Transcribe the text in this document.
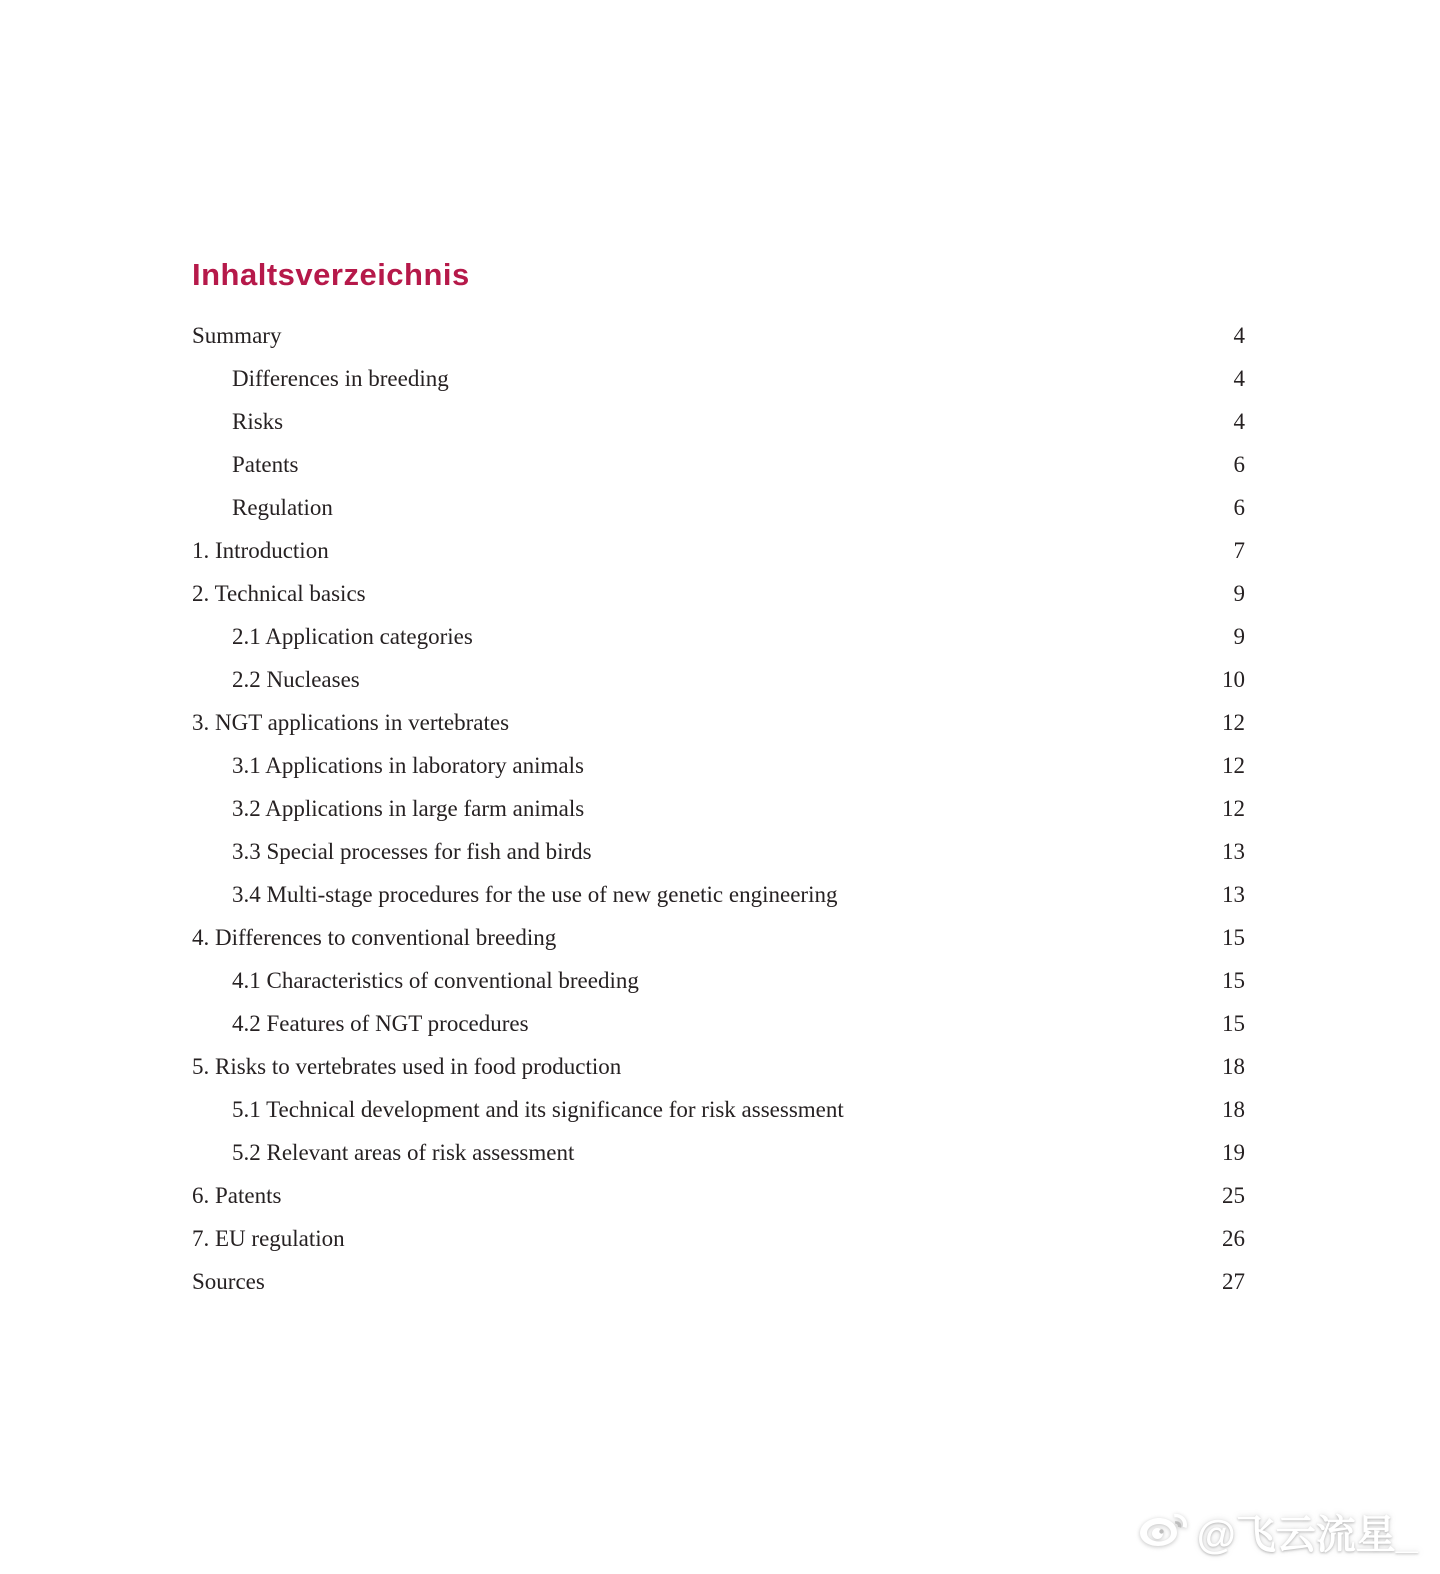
Inhaltsverzeichnis
Summary	4
Differences in breeding	4
Risks	4
Patents	6
Regulation	6
1. Introduction	7
2. Technical basics	9
2.1 Application categories	9
2.2 Nucleases	10
3. NGT applications in vertebrates	12
3.1 Applications in laboratory animals	12
3.2 Applications in large farm animals	12
3.3 Special processes for fish and birds	13
3.4 Multi-stage procedures for the use of new genetic engineering	13
4. Differences to conventional breeding	15
4.1 Characteristics of conventional breeding	15
4.2 Features of NGT procedures	15
5. Risks to vertebrates used in food production	18
5.1 Technical development and its significance for risk assessment	18
5.2 Relevant areas of risk assessment	19
6. Patents	25
7. EU regulation	26
Sources	27
@飞云流星_
